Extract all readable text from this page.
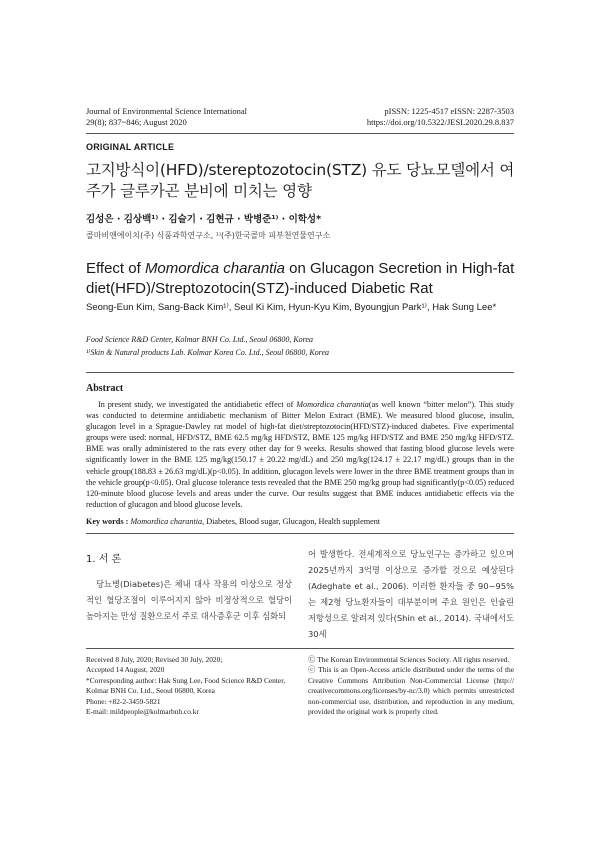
Journal of Environmental Science International
29(8); 837~846; August 2020
pISSN: 1225-4517 eISSN: 2287-3503
https://doi.org/10.5322/JESI.2020.29.8.837
ORIGINAL ARTICLE
고지방식이(HFD)/stereptozotocin(STZ) 유도 당뇨모델에서 여주가 글루카곤 분비에 미치는 영향
김성은 · 김상백¹⁾ · 김슬기 · 김현규 · 박병준¹⁾ · 이학성*
콜마비앤에이치(주) 식품과학연구소, ¹⁾(주)한국콜마 피부천연물연구소
Effect of Momordica charantia on Glucagon Secretion in High-fat diet(HFD)/Streptozotocin(STZ)-induced Diabetic Rat
Seong-Eun Kim, Sang-Back Kim¹⁾, Seul Ki Kim, Hyun-Kyu Kim, Byoungjun Park¹⁾, Hak Sung Lee*
Food Science R&D Center, Kolmar BNH Co. Ltd., Seoul 06800, Korea
¹⁾Skin & Natural products Lab. Kolmar Korea Co. Ltd., Seoul 06800, Korea
Abstract
In present study, we investigated the antidiabetic effect of Momordica charantia(as well known “bitter melon”). This study was conducted to determine antidiabetic mechanism of Bitter Melon Extract (BME). We measured blood glucose, insulin, glucagon level in a Sprague-Dawley rat model of high-fat diet/streptozotocin(HFD/STZ)-induced diabetes. Five experimental groups were used: normal, HFD/STZ, BME 62.5 mg/kg HFD/STZ, BME 125 mg/kg HFD/STZ and BME 250 mg/kg HFD/STZ. BME was orally administered to the rats every other day for 9 weeks. Results showed that fasting blood glucose levels were significantly lower in the BME 125 mg/kg(150.17 ± 20.22 mg/dL) and 250 mg/kg(124.17 ± 22.17 mg/dL) groups than in the vehicle group(188.83 ± 26.63 mg/dL)(p<0.05). In addition, glucagon levels were lower in the three BME treatment groups than in the vehicle group(p<0.05). Oral glucose tolerance tests revealed that the BME 250 mg/kg group had significantly(p<0.05) reduced 120-minute blood glucose levels and areas under the curve. Our results suggest that BME induces antidiabetic effects via the reduction of glucagon and blood glucose levels.
Key words : Momordica charantia, Diabetes, Blood sugar, Glucagon, Health supplement
1. 서 론
당뇨병(Diabetes)은 체내 대사 작용의 이상으로 정상적인 혈당조절이 이루어지지 않아 비정상적으로 혈당이 높아지는 만성 질환으로서 주로 대사증후군 이후 심화되
어 발생한다. 전세계적으로 당뇨인구는 증가하고 있으며 2025년까지 3억명 이상으로 증가할 것으로 예상된다 (Adeghate et al., 2006). 이러한 환자들 중 90~95%는 제2형 당뇨환자들이 대부분이며 주요 원인은 인슐린 저항성으로 알려져 있다(Shin et al., 2014). 국내에서도 30세
Received 8 July, 2020; Revised 30 July, 2020;
Accepted 14 August, 2020
*Corresponding author: Hak Sung Lee, Food Science R&D Center, Kolmar BNH Co. Ltd., Seoul 06800, Korea
Phone: +82-2-3459-5821
E-mail: mildpeople@kolmarbnh.co.kr
Ⓒ The Korean Environmental Sciences Society. All rights reserved.
ⓒ This is an Open-Access article distributed under the terms of the Creative Commons Attribution Non-Commercial License (http:// creativecommons.org/licenses/by-nc/3.0) which permits unrestricted non-commercial use, distribution, and reproduction in any medium, provided the original work is properly cited.
